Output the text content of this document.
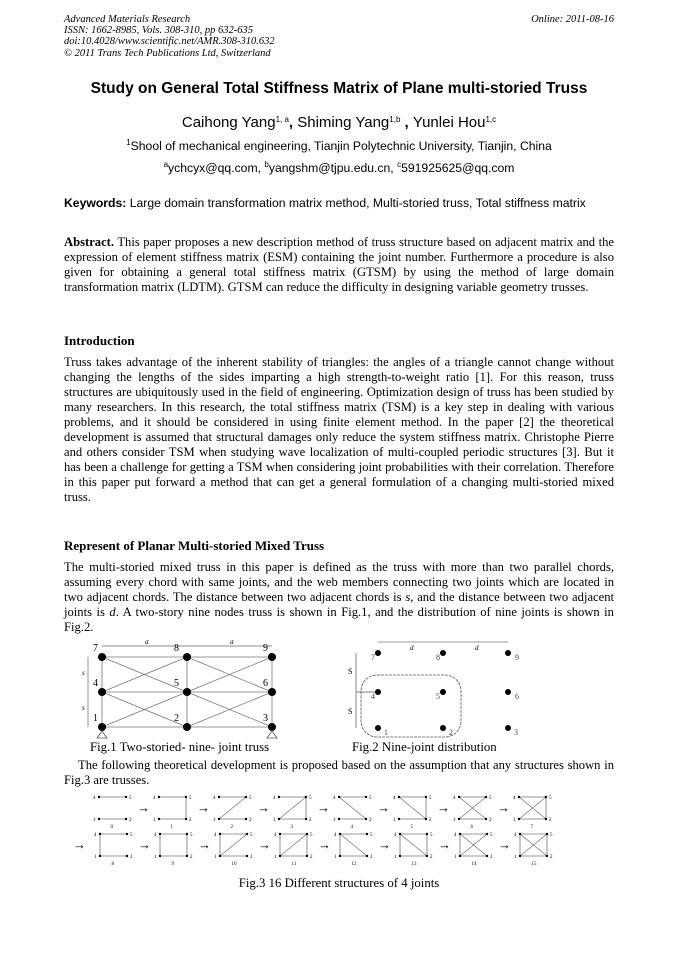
Advanced Materials Research
ISSN: 1662-8985, Vols. 308-310, pp 632-635
doi:10.4028/www.scientific.net/AMR.308-310.632
© 2011 Trans Tech Publications Ltd, Switzerland
Online: 2011-08-16
Study on General Total Stiffness Matrix of Plane multi-storied Truss
Caihong Yang$^{1, a}$, Shiming Yang$^{1,b}$ , Yunlei Hou$^{1,c}$
$^1$Shool of mechanical engineering, Tianjin Polytechnic University, Tianjin, China
$^a$ychcyx@qq.com, $^b$yangshm@tjpu.edu.cn, $^c$591925625@qq.com
Keywords: Large domain transformation matrix method, Multi-storied truss, Total stiffness matrix
Abstract. This paper proposes a new description method of truss structure based on adjacent matrix and the expression of element stiffness matrix (ESM) containing the joint number. Furthermore a procedure is also given for obtaining a general total stiffness matrix (GTSM) by using the method of large domain transformation matrix (LDTM). GTSM can reduce the difficulty in designing variable geometry trusses.
Introduction
Truss takes advantage of the inherent stability of triangles: the angles of a triangle cannot change without changing the lengths of the sides imparting a high strength-to-weight ratio [1]. For this reason, truss structures are ubiquitously used in the field of engineering. Optimization design of truss has been studied by many researchers. In this research, the total stiffness matrix (TSM) is a key step in dealing with various problems, and it should be considered in using finite element method. In the paper [2] the theoretical development is assumed that structural damages only reduce the system stiffness matrix. Christophe Pierre and others consider TSM when studying wave localization of multi-coupled periodic structures [3]. But it has been a challenge for getting a TSM when considering joint probabilities with their correlation. Therefore in this paper put forward a method that can get a general formulation of a changing multi-storied mixed truss.
Represent of Planar Multi-storied Mixed Truss
The multi-storied mixed truss in this paper is defined as the truss with more than two parallel chords, assuming every chord with same joints, and the web members connecting two joints which are located in two adjacent chords. The distance between two adjacent chords is s, and the distance between two adjacent joints is d. A two-story nine nodes truss is shown in Fig.1, and the distribution of nine joints is shown in Fig.2.
d	d
s
s
7	8	9
4	5	6
1	2	3
d	d
S
S
7	8	9
4	5	6
1	2	3
Fig.1 Two-storied- nine- joint truss	Fig.2 Nine-joint distribution
The following theoretical development is proposed based on the assumption that any structures shown in Fig.3 are trusses.
4	5
1	2
0
4	5
1	2
1
→
4	5
1	2
2
→
4	5
1	2
3
→
4	5
1	2
4
→
4	5
1	2
5
→
4	5
1	2
6
→
4	5
1	2
7
→
4	5
1	2
8
→
4	5
1	2
9
→
4	5
1	2
10
→
4	5
1	2
11
→
4	5
1	2
12
→
4	5
1	2
13
→
4	5
1	2
14
→
4	5
1	2
15
→
Fig.3 16 Different structures of 4 joints
